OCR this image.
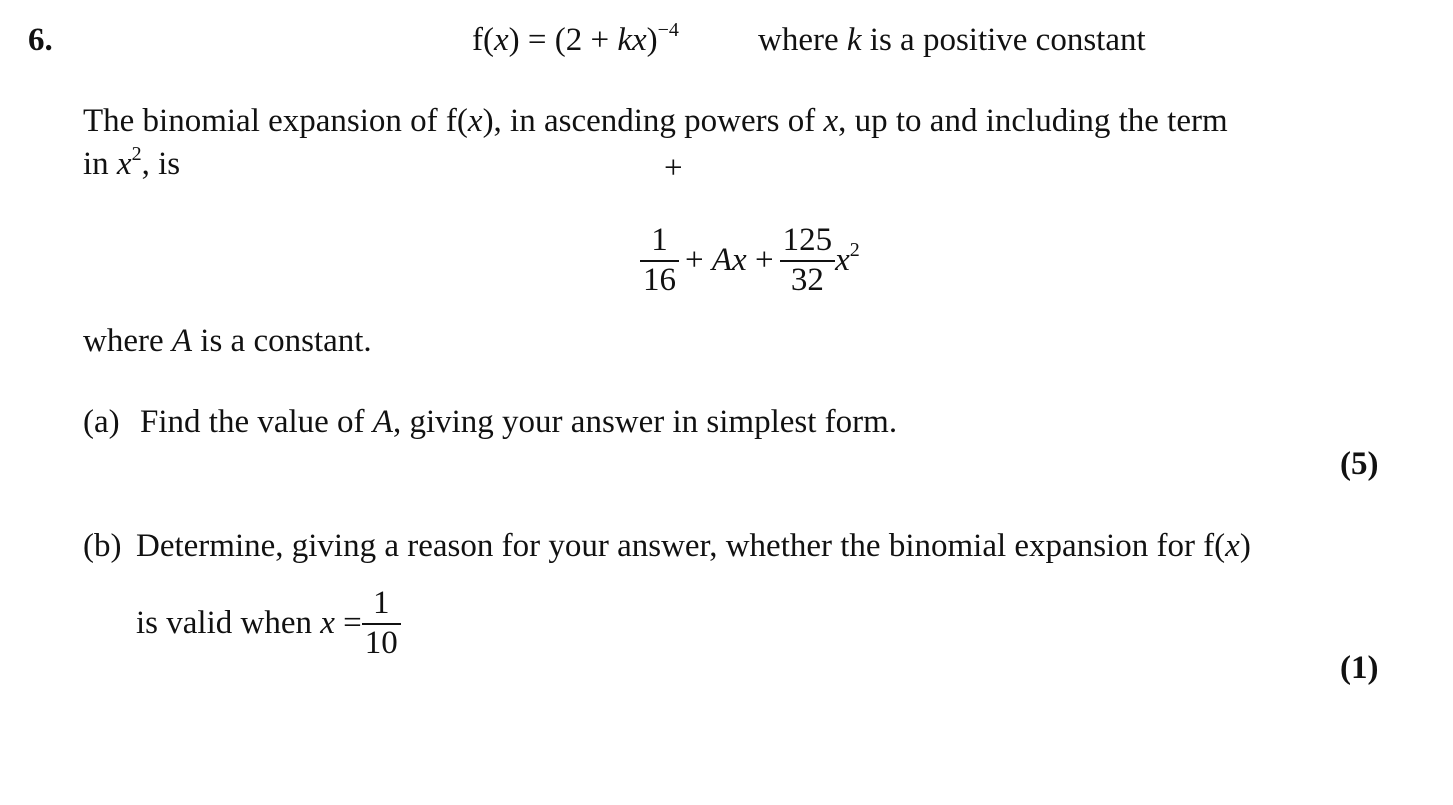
6.	f(x) = (2 + kx)$^{-4}$ where k is a positive constant
The binomial expansion of f(x), in ascending powers of x, up to and including the term
in $x^2$, is	+
$\frac{1}{16} + Ax + \frac{125}{32} x^2$
where A is a constant.
(a) Find the value of A, giving your answer in simplest form.
(5)
(b) Determine, giving a reason for your answer, whether the binomial expansion for f(x)
is valid when $x = \frac{1}{10}$
(1)
